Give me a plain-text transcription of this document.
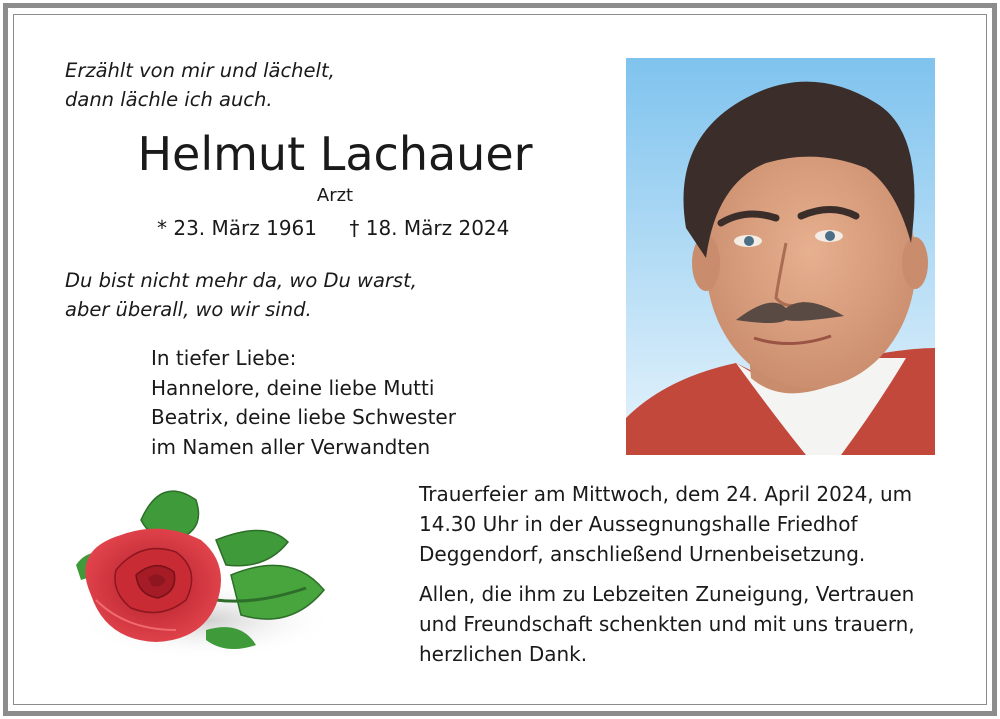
Erzählt von mir und lächelt,
dann lächle ich auch.
Helmut Lachauer
Arzt
* 23. März 1961 † 18. März 2024
Du bist nicht mehr da, wo Du warst,
aber überall, wo wir sind.
In tiefer Liebe:
Hannelore, deine liebe Mutti
Beatrix, deine liebe Schwester
im Namen aller Verwandten
Trauerfeier am Mittwoch, dem 24. April 2024, um
14.30 Uhr in der Aussegnungshalle Friedhof
Deggendorf, anschließend Urnenbeisetzung.
Allen, die ihm zu Lebzeiten Zuneigung, Vertrauen
und Freundschaft schenkten und mit uns trauern,
herzlichen Dank.
